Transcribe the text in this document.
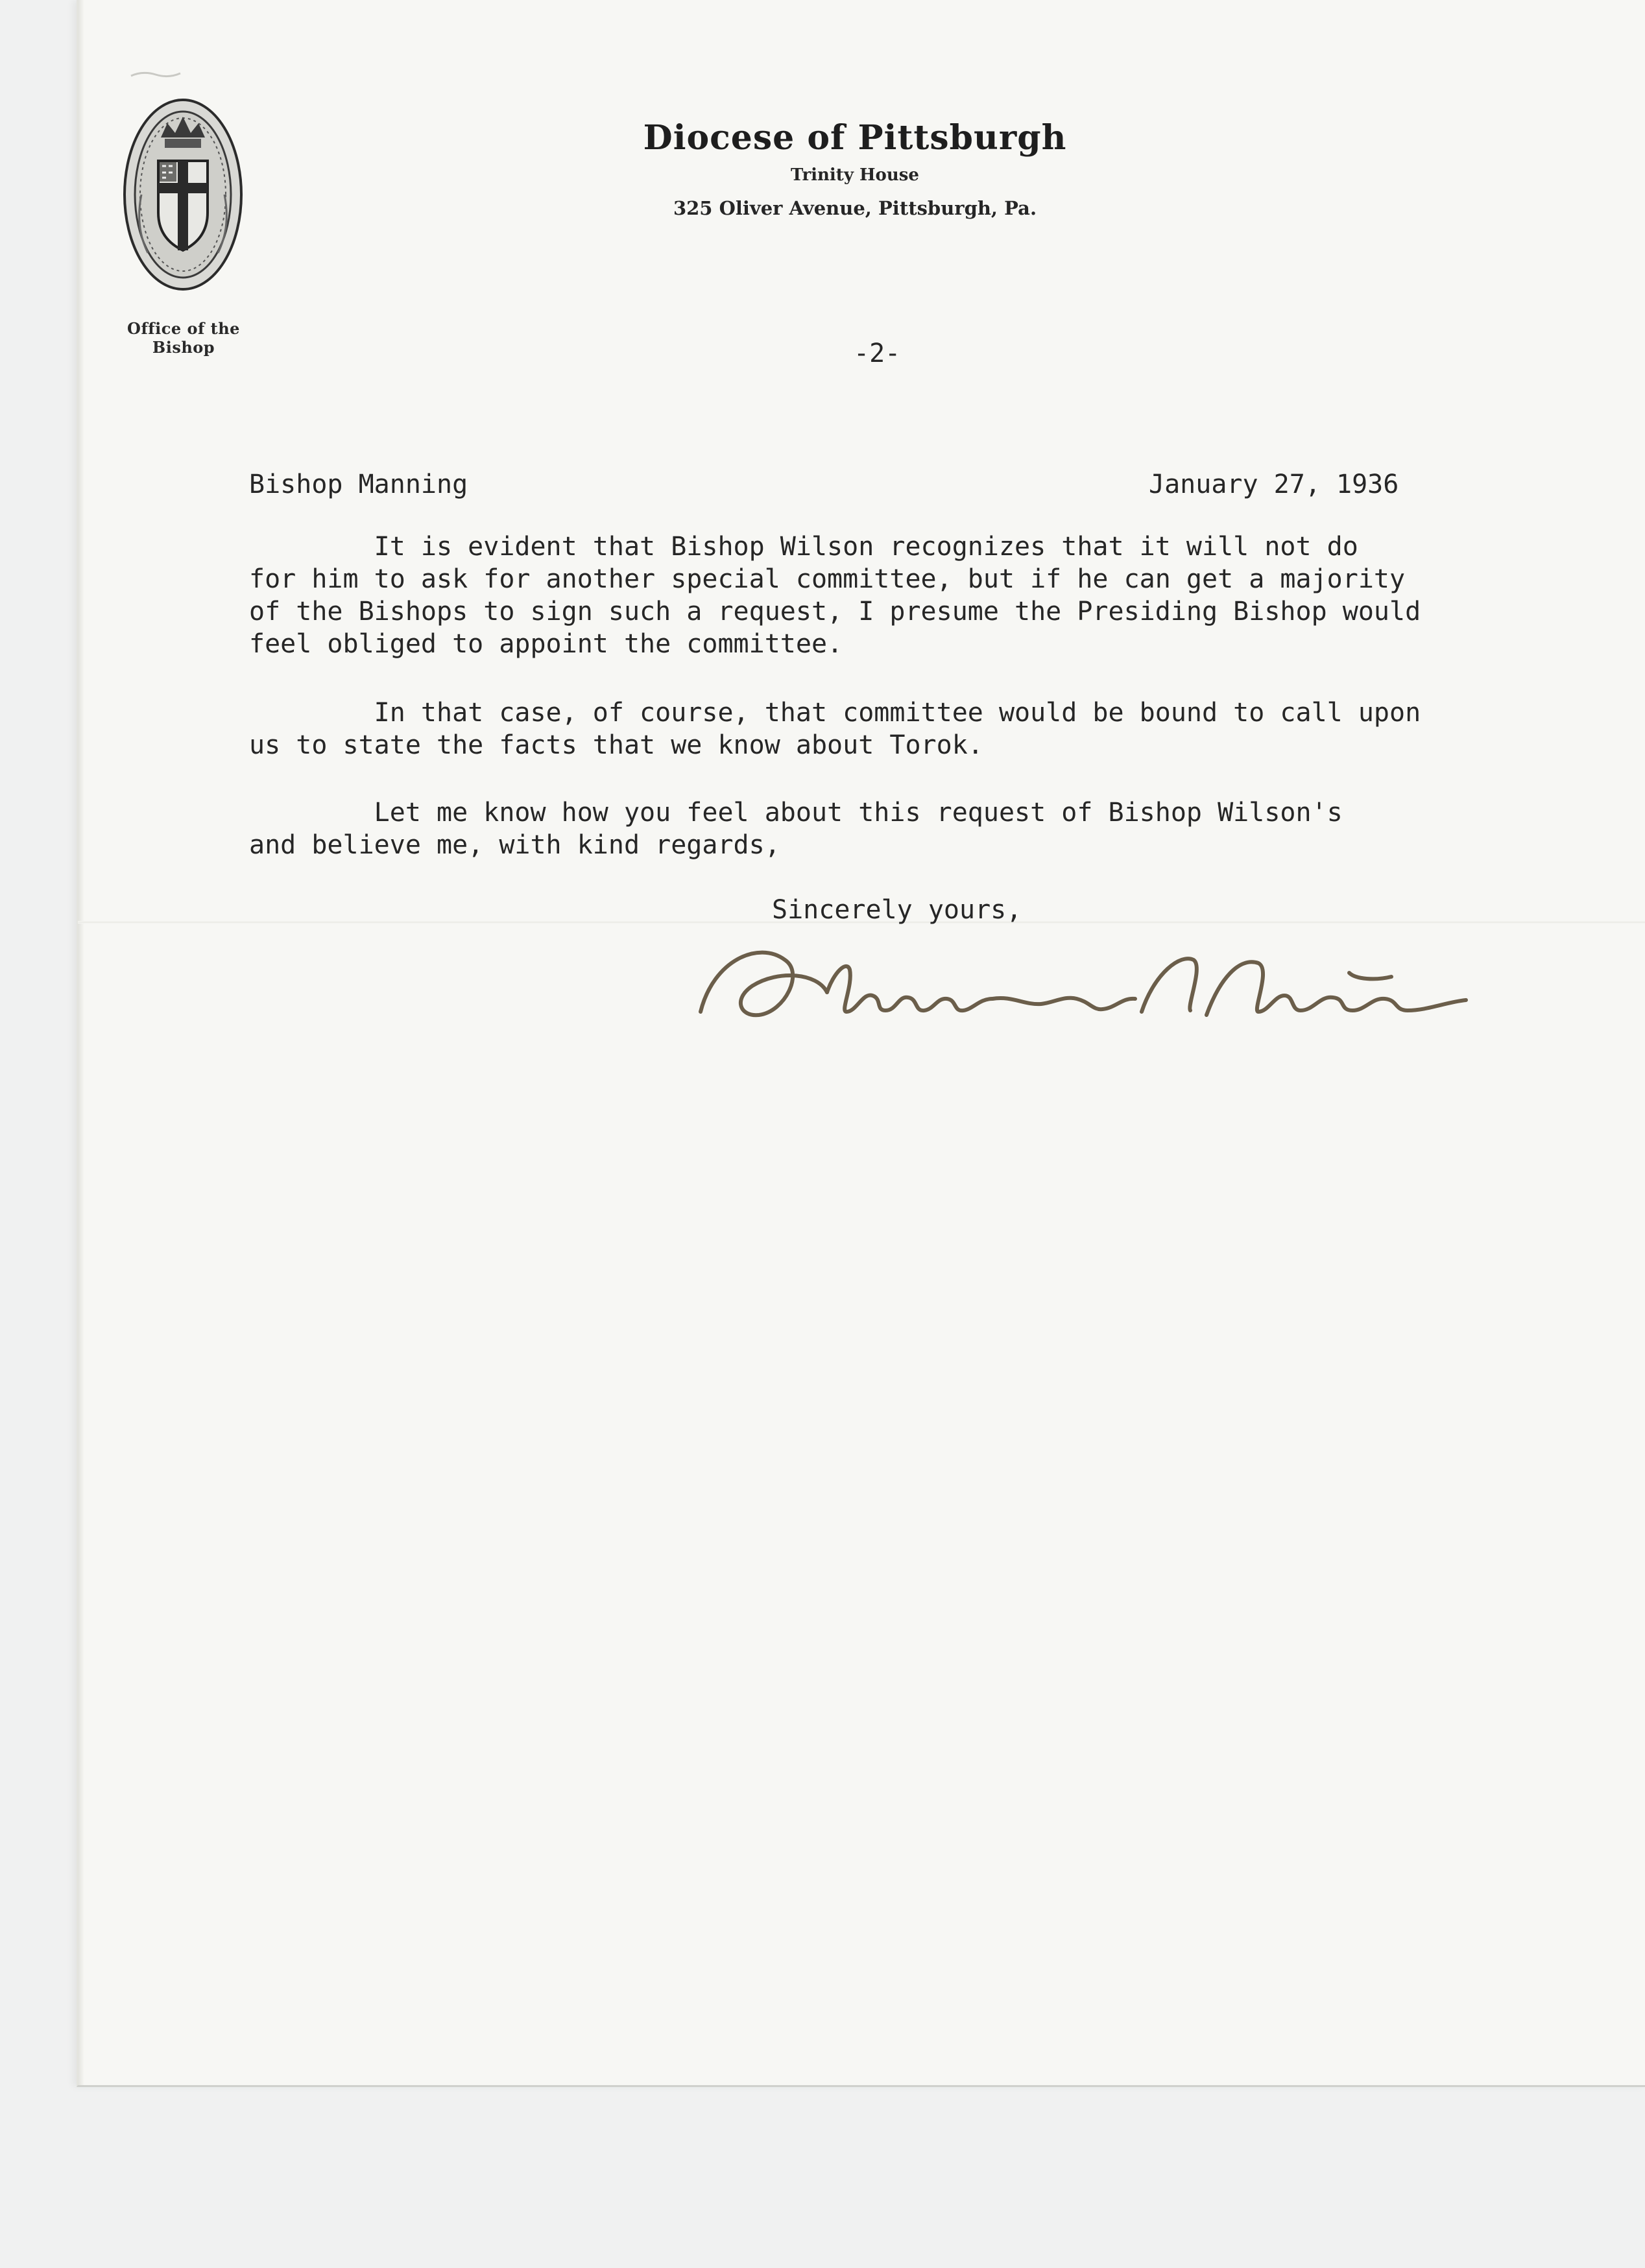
Office of the Bishop
Diocese of Pittsburgh
Trinity House
325 Oliver Avenue, Pittsburgh, Pa.
-2-
Bishop Manning	January 27, 1936
It is evident that Bishop Wilson recognizes that it will not do
for him to ask for another special committee, but if he can get a majority
of the Bishops to sign such a request, I presume the Presiding Bishop would
feel obliged to appoint the committee.
In that case, of course, that committee would be bound to call upon
us to state the facts that we know about Torok.
Let me know how you feel about this request of Bishop Wilson's
and believe me, with kind regards,
Sincerely yours,
